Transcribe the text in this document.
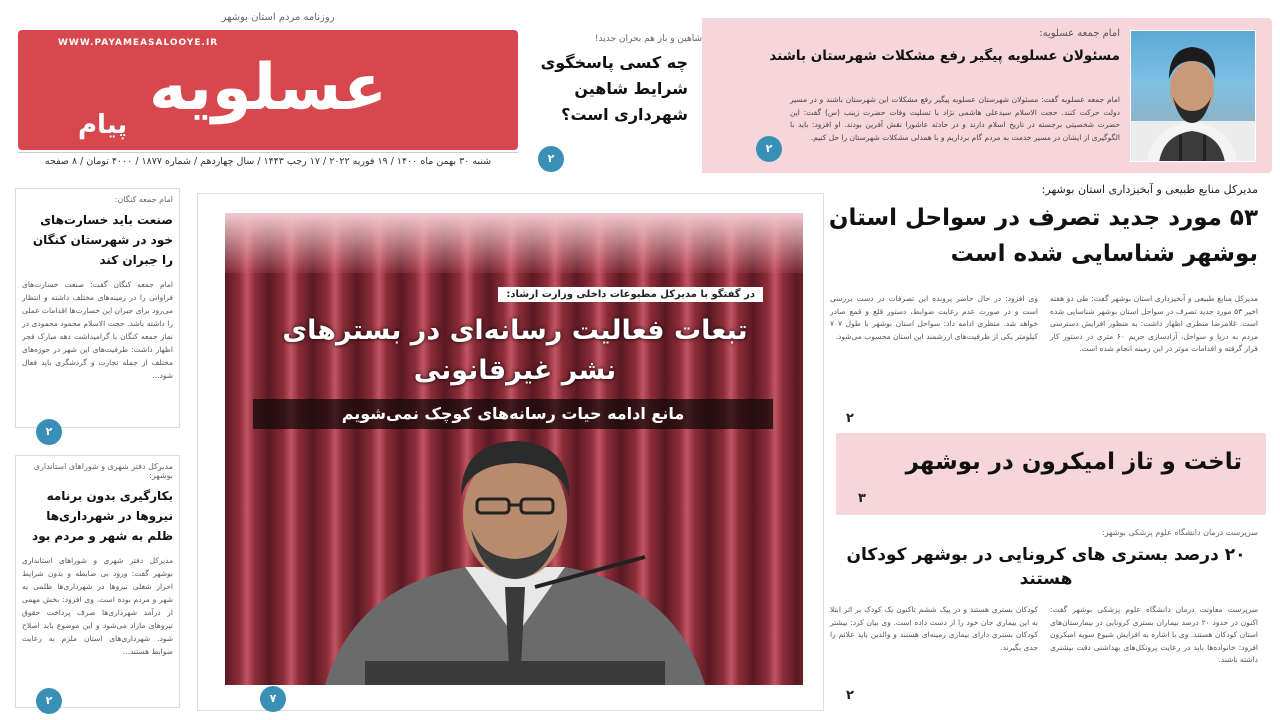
روزنامه مردم استان بوشهر
WWW.PAYAMEASALOOYE.IR
عسلویه
پیام
شنبه ۳۰ بهمن ماه ۱۴۰۰ / ۱۹ فوریه ۲۰۲۲ / ۱۷ رجب ۱۴۴۳ / سال چهاردهم / شماره ۱۸۷۷ / ۴۰۰۰ تومان / ۸ صفحه
شاهین و باز هم بحران جدید!
چه کسی پاسخگوی شرایط شاهین شهرداری است؟
۲
امام جمعه عسلویه:
مسئولان عسلویه پیگیر رفع مشکلات شهرستان باشند
امام جمعه عسلویه گفت: مسئولان شهرستان عسلویه پیگیر رفع مشکلات این شهرستان باشند و در مسیر دولت حرکت کنند. حجت الاسلام سیدعلی هاشمی نژاد با تسلیت وفات حضرت زینب (س) گفت: این حضرت شخصیتی برجسته در تاریخ اسلام دارند و در حادثه عاشورا نقش آفرین بودند. او افزود: باید با الگوگیری از ایشان در مسیر خدمت به مردم گام برداریم و با همدلی مشکلات شهرستان را حل کنیم.
۲
امام جمعه کنگان:
صنعت باید خسارت‌های خود در شهرستان کنگان را جبران کند
امام جمعه کنگان گفت: صنعت خسارت‌های فراوانی را در زمینه‌های مختلف داشته و انتظار می‌رود برای جبران این خسارت‌ها اقدامات عملی را داشته باشد. حجت الاسلام محمود محمودی در نماز جمعه کنگان با گرامیداشت دهه مبارک فجر اظهار داشت: ظرفیت‌های این شهر در حوزه‌های مختلف از جمله تجارت و گردشگری باید فعال شود...
۲
مدیرکل دفتر شهری و شوراهای استانداری بوشهر:
بکارگیری بدون برنامه نیروها در شهرداری‌ها ظلم به شهر و مردم بود
مدیرکل دفتر شهری و شوراهای استانداری بوشهر گفت: ورود بی ضابطه و بدون شرایط احراز شغلی نیروها در شهرداری‌ها ظلمی به شهر و مردم بوده است. وی افزود: بخش مهمی از درآمد شهرداری‌ها صرف پرداخت حقوق نیروهای مازاد می‌شود و این موضوع باید اصلاح شود. شهرداری‌های استان ملزم به رعایت ضوابط هستند...
۲
در گفتگو با مدیرکل مطبوعات داخلی وزارت ارشاد:
تبعات فعالیت رسانه‌ای در بسترهای نشر غیرقانونی
مانع ادامه حیات رسانه‌های کوچک نمی‌شویم
۷
مدیرکل منابع طبیعی و آبخیزداری استان بوشهر:
۵۳ مورد جدید تصرف در سواحل استان بوشهر شناسایی شده است
مدیرکل منابع طبیعی و آبخیزداری استان بوشهر گفت: طی دو هفته اخیر ۵۳ مورد جدید تصرف در سواحل استان بوشهر شناسایی شده است. غلامرضا منظری اظهار داشت: به منظور افزایش دسترسی مردم به دریا و سواحل، آزادسازی حریم ۶۰ متری در دستور کار قرار گرفته و اقدامات موثر در این زمینه انجام شده است.
وی افزود: در حال حاضر پرونده این تصرفات در دست بررسی است و در صورت عدم رعایت ضوابط، دستور قلع و قمع صادر خواهد شد. منظری ادامه داد: سواحل استان بوشهر با طول ۷۰۷ کیلومتر یکی از ظرفیت‌های ارزشمند این استان محسوب می‌شود.
۲
تاخت و تاز امیکرون در بوشهر
۳
سرپرست درمان دانشگاه علوم پزشکی بوشهر:
۲۰ درصد بستری های کرونایی در بوشهر کودکان هستند
سرپرست معاونت درمان دانشگاه علوم پزشکی بوشهر گفت: اکنون در حدود ۲۰ درصد بیماران بستری کرونایی در بیمارستان‌های استان کودکان هستند. وی با اشاره به افزایش شیوع سویه امیکرون افزود: خانواده‌ها باید در رعایت پروتکل‌های بهداشتی دقت بیشتری داشته باشند.
کودکان بستری هستند و در پیک ششم تاکنون یک کودک بر اثر ابتلا به این بیماری جان خود را از دست داده است. وی بیان کرد: بیشتر کودکان بستری دارای بیماری زمینه‌ای هستند و والدین باید علائم را جدی بگیرند.
۲
